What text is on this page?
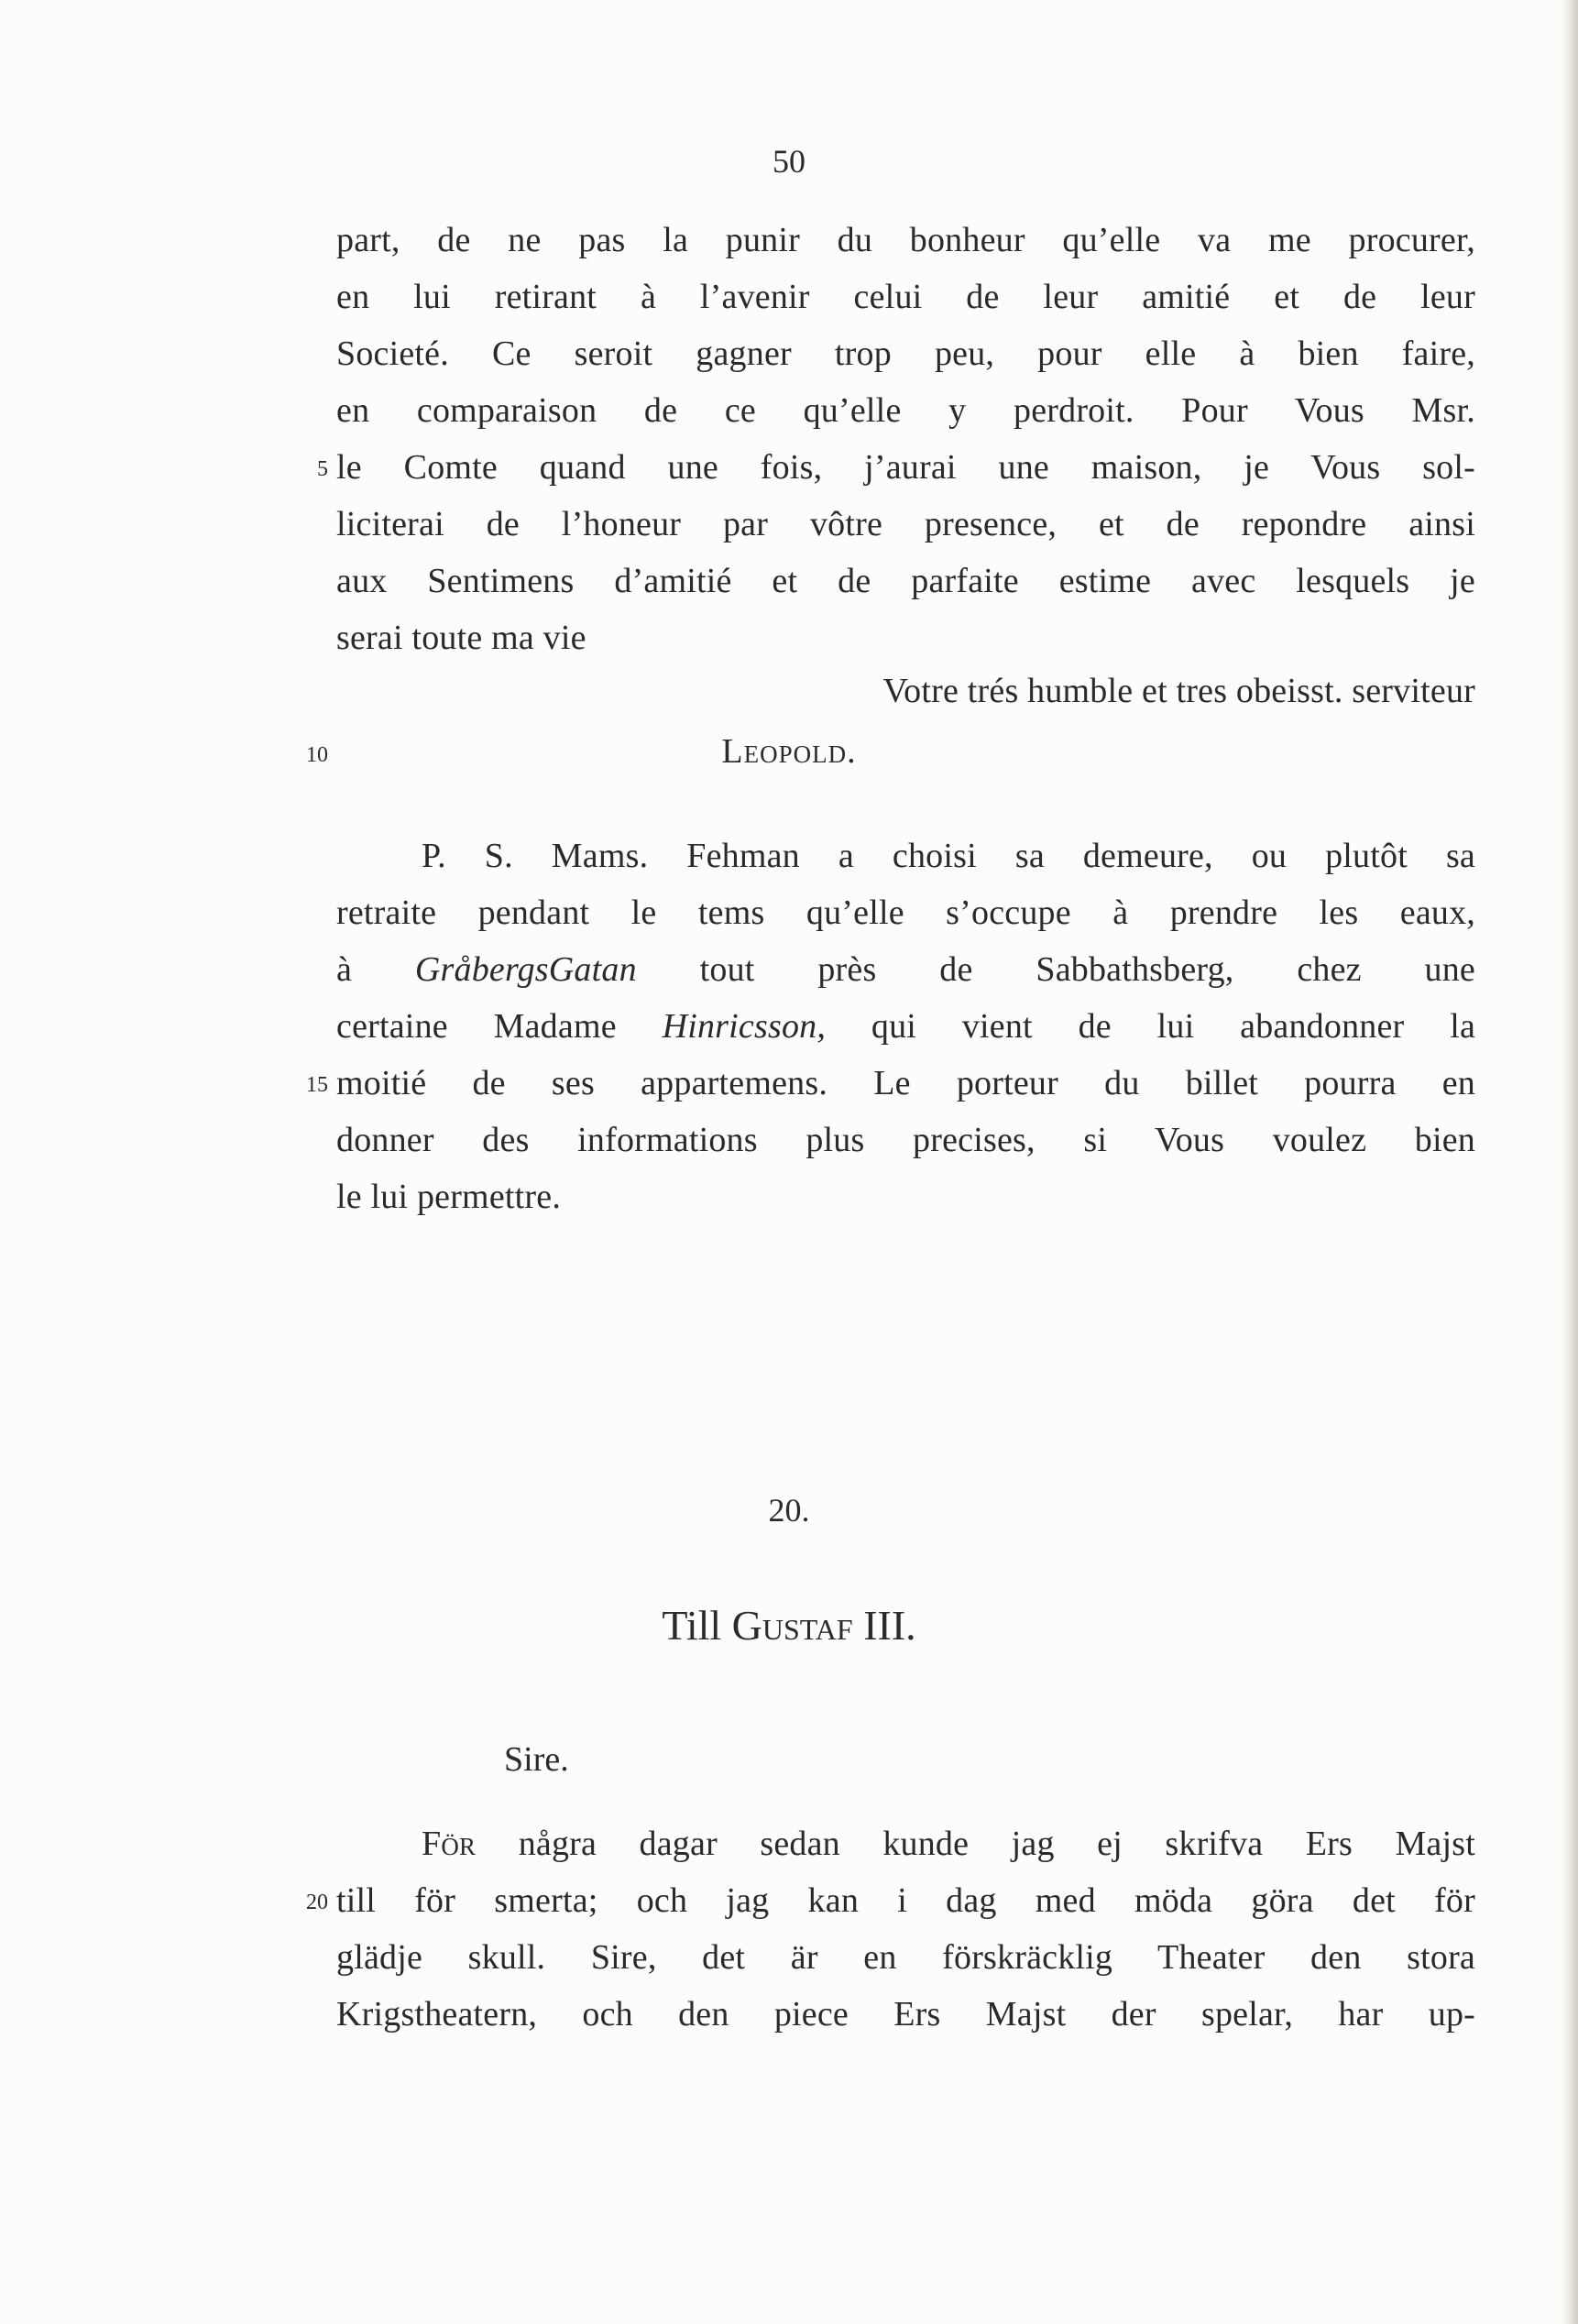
50
part, de ne pas la punir du bonheur qu’elle va me procurer,
en lui retirant à l’avenir celui de leur amitié et de leur
Societé. Ce seroit gagner trop peu, pour elle à bien faire,
en comparaison de ce qu’elle y perdroit. Pour Vous Msr.
5 le Comte quand une fois, j’aurai une maison, je Vous sol-
liciterai de l’honeur par vôtre presence, et de repondre ainsi
aux Sentimens d’amitié et de parfaite estime avec lesquels je
serai toute ma vie
Votre trés humble et tres obeisst. serviteur
10	Leopold.
P. S. Mams. Fehman a choisi sa demeure, ou plutôt sa
retraite pendant le tems qu’elle s’occupe à prendre les eaux,
à GråbergsGatan tout près de Sabbathsberg, chez une
certaine Madame Hinricsson, qui vient de lui abandonner la
15 moitié de ses appartemens. Le porteur du billet pourra en
donner des informations plus precises, si Vous voulez bien
le lui permettre.
20.
Till Gustaf III.
Sire.
För några dagar sedan kunde jag ej skrifva Ers Majst
20 till för smerta; och jag kan i dag med möda göra det för
glädje skull. Sire, det är en förskräcklig Theater den stora
Krigstheatern, och den piece Ers Majst der spelar, har up-
